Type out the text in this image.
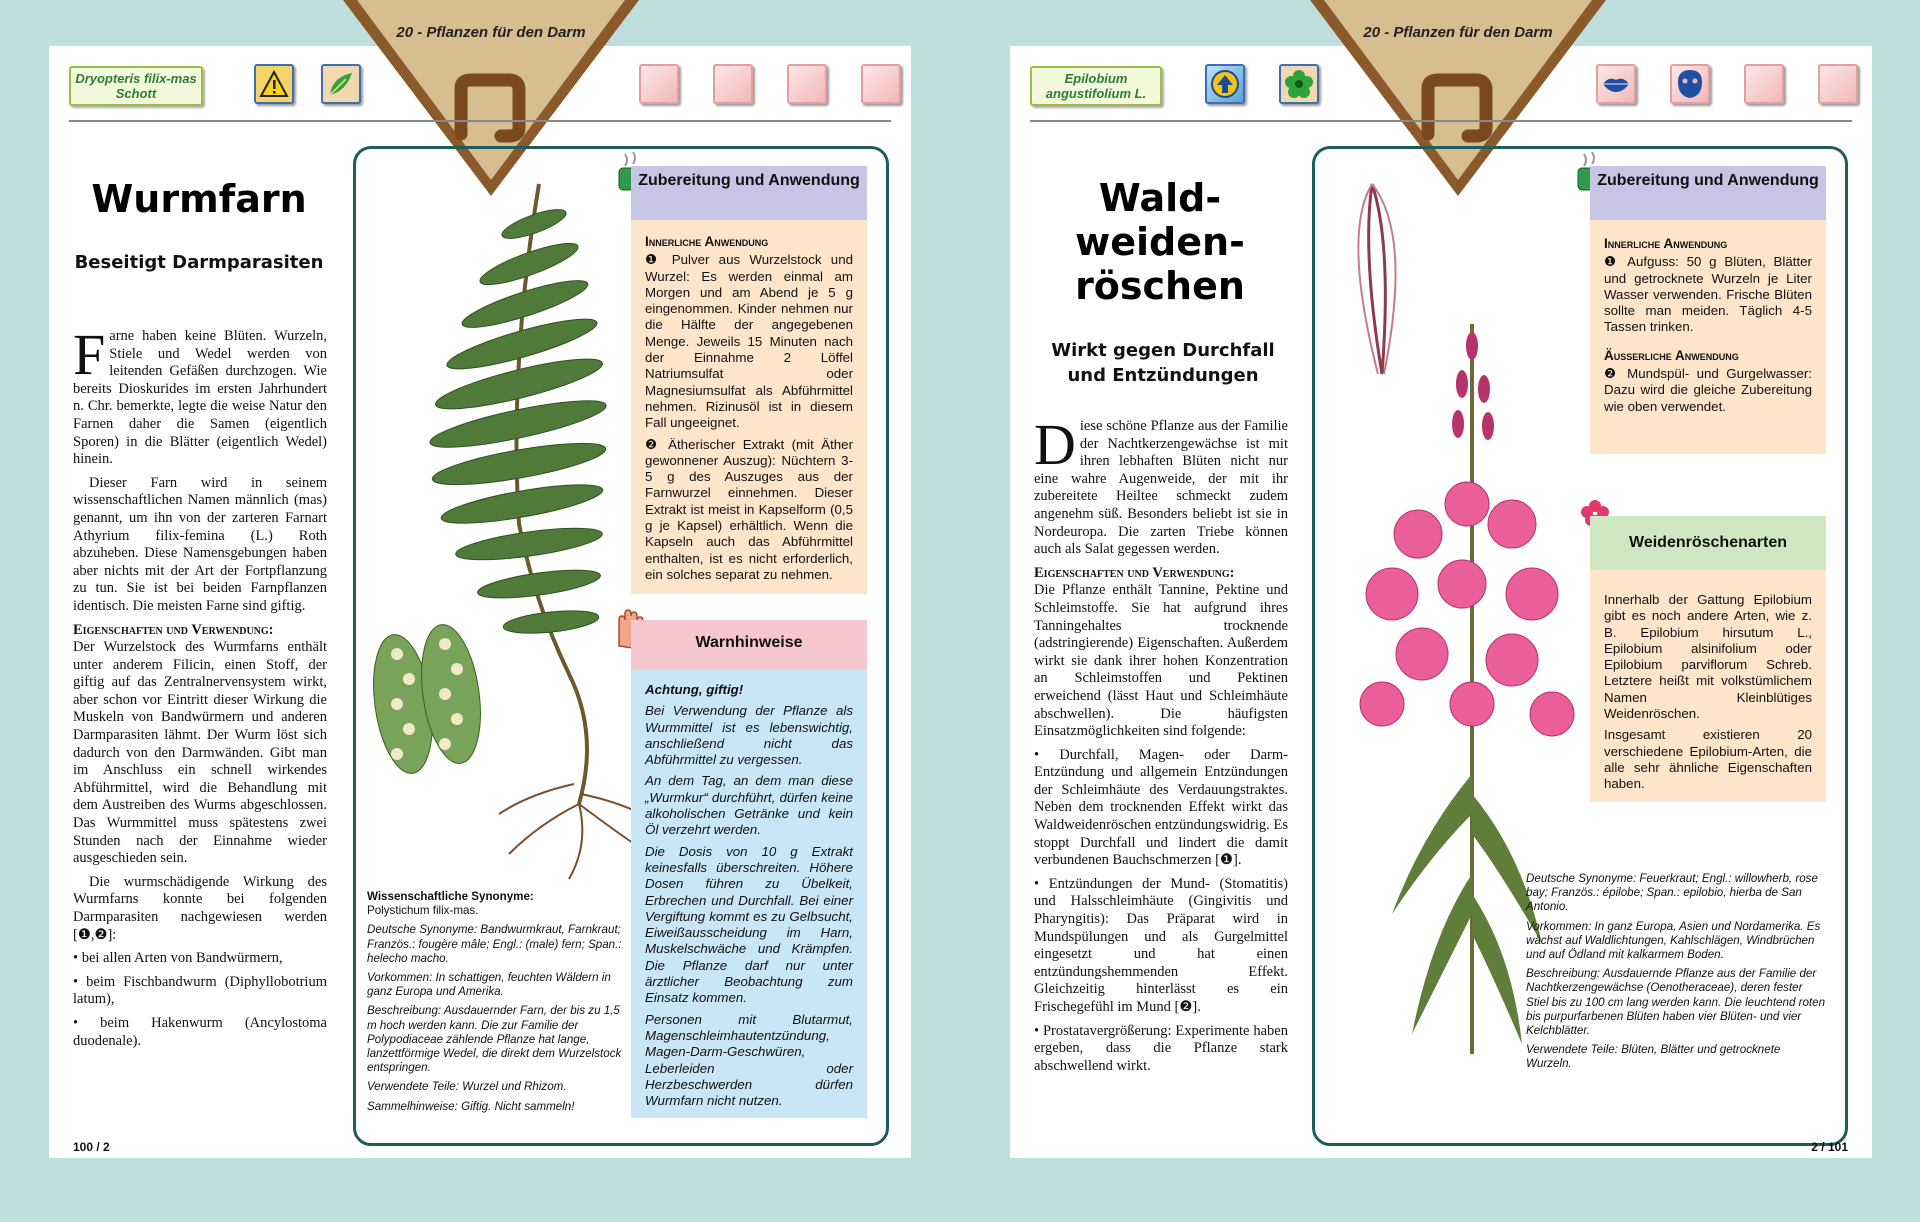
20 - Pflanzen für den Darm
Dryopteris filix-mas Schott
Wurmfarn
Beseitigt Darmparasiten

Farne haben keine Blüten. Wurzeln, Stiele und Wedel werden von leitenden Gefäßen durchzogen. Wie bereits Dioskurides im ersten Jahrhundert n. Chr. bemerkte, legte die weise Natur den Farnen daher die Samen (eigentlich Sporen) in die Blätter (eigentlich Wedel) hinein.

Dieser Farn wird in seinem wissenschaftlichen Namen männlich (mas) genannt, um ihn von der zarteren Farnart Athyrium filix-femina (L.) Roth abzuheben. Diese Namensgebungen haben aber nichts mit der Art der Fortpflanzung zu tun. Sie ist bei beiden Farnpflanzen identisch. Die meisten Farne sind giftig.

Eigenschaften und Verwendung:
Der Wurzelstock des Wurmfarns enthält unter anderem Filicin, einen Stoff, der giftig auf das Zentralnervensystem wirkt, aber schon vor Eintritt dieser Wirkung die Muskeln von Bandwürmern und anderen Darmparasiten lähmt. Der Wurm löst sich dadurch von den Darmwänden. Gibt man im Anschluss ein schnell wirkendes Abführmittel, wird die Behandlung mit dem Austreiben des Wurms abgeschlossen. Das Wurmmittel muss spätestens zwei Stunden nach der Einnahme wieder ausgeschieden sein.

Die wurmschädigende Wirkung des Wurmfarns konnte bei folgenden Darmparasiten nachgewiesen werden [❶,❷]:

• bei allen Arten von Bandwürmern,
• beim Fischbandwurm (Diphyllobotrium latum),
• beim Hakenwurm (Ancylostoma duodenale).
Zubereitung und Anwendung
Innerliche Anwendung

❶ Pulver aus Wurzelstock und Wurzel: Es werden einmal am Morgen und am Abend je 5 g eingenommen. Kinder nehmen nur die Hälfte der angegebenen Menge. Jeweils 15 Minuten nach der Einnahme 2 Löffel Natriumsulfat oder Magnesiumsulfat als Abführmittel nehmen. Rizinusöl ist in diesem Fall ungeeignet.

❷ Ätherischer Extrakt (mit Äther gewonnener Auszug): Nüchtern 3-5 g des Auszuges aus der Farnwurzel einnehmen. Dieser Extrakt ist meist in Kapselform (0,5 g je Kapsel) erhältlich. Wenn die Kapseln auch das Abführmittel enthalten, ist es nicht erforderlich, ein solches separat zu nehmen.

Warnhinweise

Achtung, giftig!

Bei Verwendung der Pflanze als Wurmmittel ist es lebenswichtig, anschließend nicht das Abführmittel zu vergessen.

An dem Tag, an dem man diese „Wurmkur“ durchführt, dürfen keine alkoholischen Getränke und kein Öl verzehrt werden.

Die Dosis von 10 g Extrakt keinesfalls überschreiten. Höhere Dosen führen zu Übelkeit, Erbrechen und Durchfall. Bei einer Vergiftung kommt es zu Gelbsucht, Eiweißausscheidung im Harn, Muskelschwäche und Krämpfen. Die Pflanze darf nur unter ärztlicher Beobachtung zum Einsatz kommen.

Personen mit Blutarmut, Magenschleimhautentzündung, Magen-Darm-Geschwüren, Leberleiden oder Herzbeschwerden dürfen Wurmfarn nicht nutzen.

Wissenschaftliche Synonyme:
Polystichum filix-mas.

Deutsche Synonyme: Bandwurmkraut, Farnkraut; Französ.: fougère mâle; Engl.: (male) fern; Span.: helecho macho.

Vorkommen: In schattigen, feuchten Wäldern in ganz Europa und Amerika.

Beschreibung: Ausdauernder Farn, der bis zu 1,5 m hoch werden kann. Die zur Familie der Polypodiaceae zählende Pflanze hat lange, lanzettförmige Wedel, die direkt dem Wurzelstock entspringen.

Verwendete Teile: Wurzel und Rhizom.

Sammelhinweise: Giftig. Nicht sammeln!

100 / 2
20 - Pflanzen für den Darm
Epilobium angustifolium L.
Wald-
weiden-
röschen
Wirkt gegen Durchfall und Entzündungen

Diese schöne Pflanze aus der Familie der Nachtkerzengewächse ist mit ihren lebhaften Blüten nicht nur eine wahre Augenweide, der mit ihr zubereitete Heiltee schmeckt zudem angenehm süß. Besonders beliebt ist sie in Nordeuropa. Die zarten Triebe können auch als Salat gegessen werden.

Eigenschaften und Verwendung:
Die Pflanze enthält Tannine, Pektine und Schleimstoffe. Sie hat aufgrund ihres Tanningehaltes trocknende (adstringierende) Eigenschaften. Außerdem wirkt sie dank ihrer hohen Konzentration an Schleimstoffen und Pektinen erweichend (lässt Haut und Schleimhäute abschwellen). Die häufigsten Einsatzmöglichkeiten sind folgende:

• Durchfall, Magen- oder Darm-Entzündung und allgemein Entzündungen der Schleimhäute des Verdauungstraktes. Neben dem trocknenden Effekt wirkt das Waldweidenröschen entzündungswidrig. Es stoppt Durchfall und lindert die damit verbundenen Bauchschmerzen [❶].

• Entzündungen der Mund- (Stomatitis) und Halsschleimhäute (Gingivitis und Pharyngitis): Das Präparat wird in Mundspülungen und als Gurgelmittel eingesetzt und hat einen entzündungshemmenden Effekt. Gleichzeitig hinterlässt es ein Frischegefühl im Mund [❷].

• Prostatavergrößerung: Experimente haben ergeben, dass die Pflanze stark abschwellend wirkt.

Zubereitung und Anwendung
Innerliche Anwendung

❶ Aufguss: 50 g Blüten, Blätter und getrocknete Wurzeln je Liter Wasser verwenden. Frische Blüten sollte man meiden. Täglich 4-5 Tassen trinken.

Äusserliche Anwendung

❷ Mundspül- und Gurgelwasser: Dazu wird die gleiche Zubereitung wie oben verwendet.

Weidenröschenarten

Innerhalb der Gattung Epilobium gibt es noch andere Arten, wie z. B. Epilobium hirsutum L., Epilobium alsinifolium oder Epilobium parviflorum Schreb. Letztere heißt mit volkstümlichem Namen Kleinblütiges Weidenröschen.

Insgesamt existieren 20 verschiedene Epilobium-Arten, die alle sehr ähnliche Eigenschaften haben.

Deutsche Synonyme: Feuerkraut; Engl.: willowherb, rose bay; Französ.: épilobe; Span.: epilobio, hierba de San Antonio.

Vorkommen: In ganz Europa, Asien und Nordamerika. Es wächst auf Waldlichtungen, Kahlschlägen, Windbrüchen und auf Ödland mit kalkarmem Boden.

Beschreibung: Ausdauernde Pflanze aus der Familie der Nachtkerzengewächse (Oenotheraceae), deren fester Stiel bis zu 100 cm lang werden kann. Die leuchtend roten bis purpurfarbenen Blüten haben vier Blüten- und vier Kelchblätter.

Verwendete Teile: Blüten, Blätter und getrocknete Wurzeln.

2 / 101
